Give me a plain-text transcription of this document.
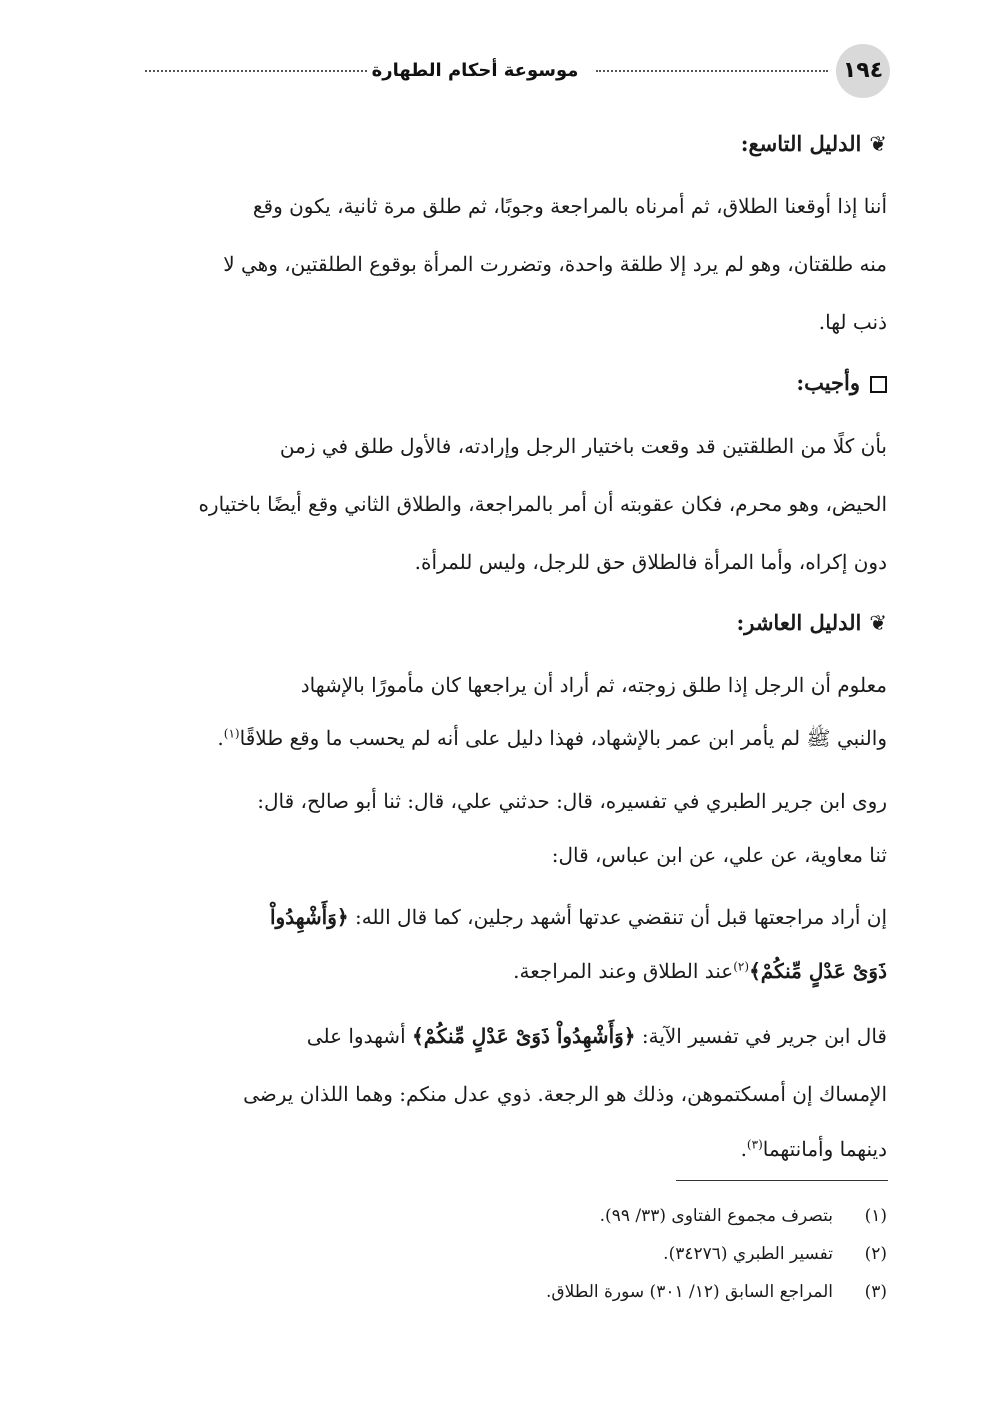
١٩٤
موسوعة أحكام الطهارة
❦الدليل التاسع:
أننا إذا أوقعنا الطلاق، ثم أمرناه بالمراجعة وجوبًا، ثم طلق مرة ثانية، يكون وقع
منه طلقتان، وهو لم يرد إلا طلقة واحدة، وتضررت المرأة بوقوع الطلقتين، وهي لا
ذنب لها.
وأجيب:
بأن كلًا من الطلقتين قد وقعت باختيار الرجل وإرادته، فالأول طلق في زمن
الحيض، وهو محرم، فكان عقوبته أن أمر بالمراجعة، والطلاق الثاني وقع أيضًا باختياره
دون إكراه، وأما المرأة فالطلاق حق للرجل، وليس للمرأة.
❦الدليل العاشر:
معلوم أن الرجل إذا طلق زوجته، ثم أراد أن يراجعها كان مأمورًا بالإشهاد
والنبي ﷺ لم يأمر ابن عمر بالإشهاد، فهذا دليل على أنه لم يحسب ما وقع طلاقًا$^{(١)}$.
روى ابن جرير الطبري في تفسيره، قال: حدثني علي، قال: ثنا أبو صالح، قال:
ثنا معاوية، عن علي، عن ابن عباس، قال:
إن أراد مراجعتها قبل أن تنقضي عدتها أشهد رجلين، كما قال الله: ﴿وَأَشْهِدُواْ
ذَوَىْ عَدْلٍ مِّنكُمْ﴾$^{(٢)}$عند الطلاق وعند المراجعة.
قال ابن جرير في تفسير الآية: ﴿وَأَشْهِدُواْ ذَوَىْ عَدْلٍ مِّنكُمْ﴾ أشهدوا على
الإمساك إن أمسكتموهن، وذلك هو الرجعة. ذوي عدل منكم: وهما اللذان يرضى
دينهما وأمانتهما$^{(٣)}$.
(١)بتصرف مجموع الفتاوى (٣٣/ ٩٩).
(٢)تفسير الطبري (٣٤٢٧٦).
(٣)المراجع السابق (١٢/ ٣٠١) سورة الطلاق.
